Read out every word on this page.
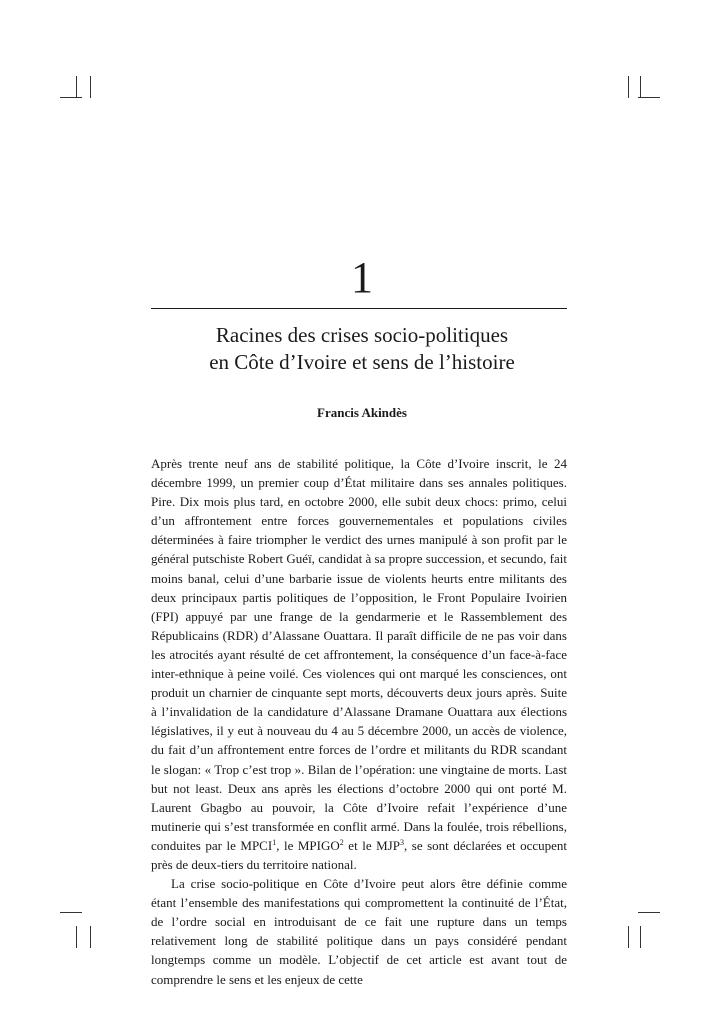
1
Racines des crises socio-politiques
en Côte d’Ivoire et sens de l’histoire
Francis Akindès

Après trente neuf ans de stabilité politique, la Côte d’Ivoire inscrit, le 24 décembre 1999, un premier coup d’État militaire dans ses annales politiques. Pire. Dix mois plus tard, en octobre 2000, elle subit deux chocs: primo, celui d’un affrontement entre forces gouvernementales et populations civiles déterminées à faire triompher le verdict des urnes manipulé à son profit par le général putschiste Robert Guéï, candidat à sa propre succession, et secundo, fait moins banal, celui d’une barbarie issue de violents heurts entre militants des deux principaux partis politiques de l’opposition, le Front Populaire Ivoirien (FPI) appuyé par une frange de la gendarmerie et le Rassemblement des Républicains (RDR) d’Alassane Ouattara. Il paraît difficile de ne pas voir dans les atrocités ayant résulté de cet affrontement, la conséquence d’un face-à-face inter-ethnique à peine voilé. Ces violences qui ont marqué les consciences, ont produit un charnier de cinquante sept morts, découverts deux jours après. Suite à l’invalidation de la candidature d’Alassane Dramane Ouattara aux élections législatives, il y eut à nouveau du 4 au 5 décembre 2000, un accès de violence, du fait d’un affrontement entre forces de l’ordre et militants du RDR scandant le slogan: « Trop c’est trop ». Bilan de l’opération: une vingtaine de morts. Last but not least. Deux ans après les élections d’octobre 2000 qui ont porté M. Laurent Gbagbo au pouvoir, la Côte d’Ivoire refait l’expérience d’une mutinerie qui s’est transformée en conflit armé. Dans la foulée, trois rébellions, conduites par le MPCI$^1$, le MPIGO$^2$ et le MJP$^3$, se sont déclarées et occupent près de deux-tiers du territoire national.

La crise socio-politique en Côte d’Ivoire peut alors être définie comme étant l’ensemble des manifestations qui compromettent la continuité de l’État, de l’ordre social en introduisant de ce fait une rupture dans un temps relativement long de stabilité politique dans un pays considéré pendant longtemps comme un modèle. L’objectif de cet article est avant tout de comprendre le sens et les enjeux de cette
